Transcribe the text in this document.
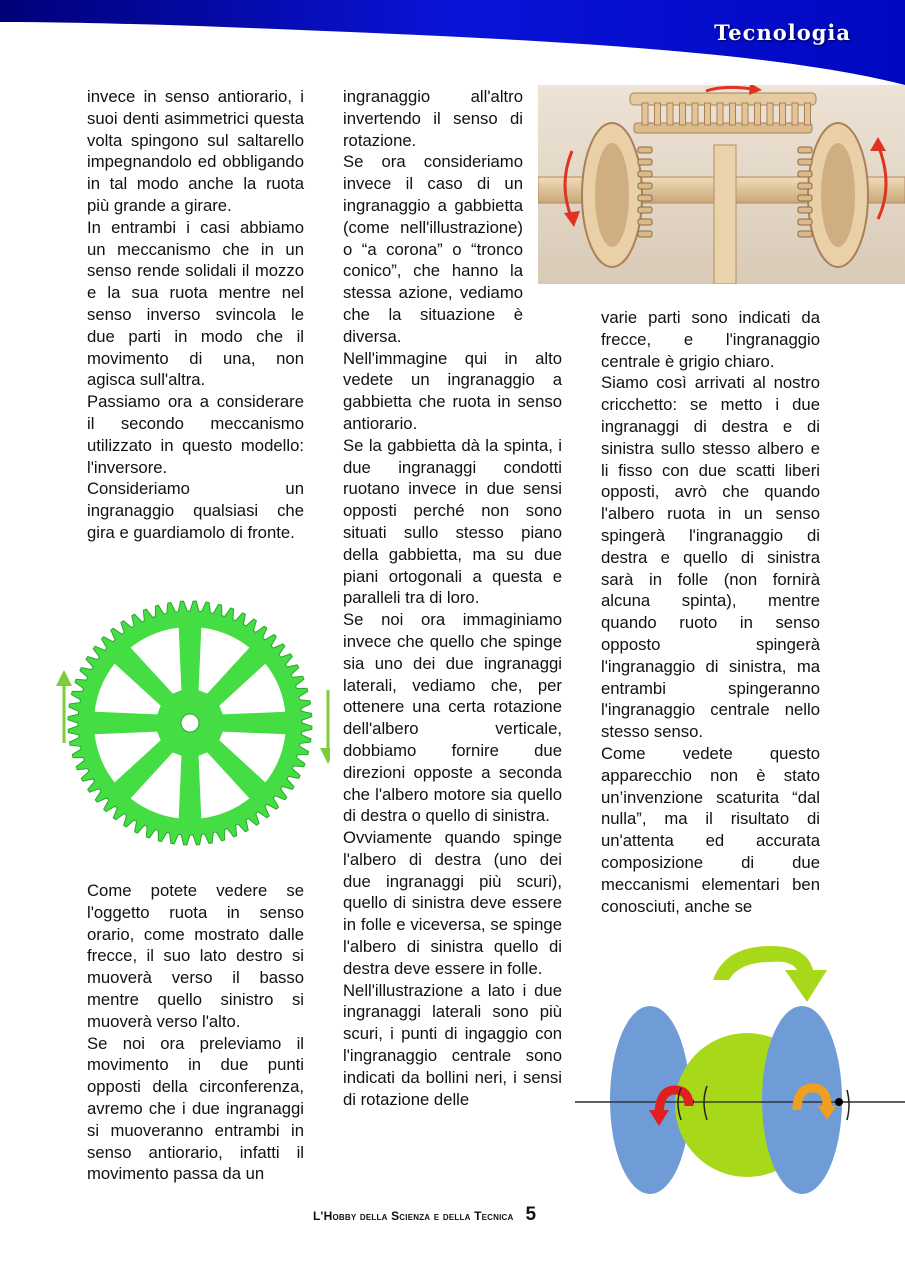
Tecnologia

invece in senso antiorario, i suoi denti asimmetrici questa volta spingono sul saltarello impegnandolo ed obbligando in tal modo anche la ruota più grande a girare.

In entrambi i casi abbiamo un meccanismo che in un senso rende solidali il mozzo e la sua ruota mentre nel senso inverso svincola le due parti in modo che il movimento di una, non agisca sull'altra.

Passiamo ora a considerare il secondo meccanismo utilizzato in questo modello: l'inversore.

Consideriamo un ingranaggio qualsiasi che gira e guardiamolo di fronte.

Come potete vedere se l'oggetto ruota in senso orario, come mostrato dalle frecce, il suo lato destro si muoverà verso il basso mentre quello sinistro si muoverà verso l'alto.

Se noi ora preleviamo il movimento in due punti opposti della circonferenza, avremo che i due ingranaggi si muoveranno entrambi in senso antiorario, infatti il movimento passa da un

ingranaggio all'altro invertendo il senso di rotazione.

Se ora consideriamo invece il caso di un ingranaggio a gabbietta (come nell'illustrazione) o “a corona” o “tronco conico”, che hanno la stessa azione, vediamo che la situazione è diversa.

Nell'immagine qui in alto vedete un ingranaggio a gabbietta che ruota in senso antiorario.

Se la gabbietta dà la spinta, i due ingranaggi condotti ruotano invece in due sensi opposti perché non sono situati sullo stesso piano della gabbietta, ma su due piani ortogonali a questa e paralleli tra di loro.

Se noi ora immaginiamo invece che quello che spinge sia uno dei due ingranaggi laterali, vediamo che, per ottenere una certa rotazione dell'albero verticale, dobbiamo fornire due direzioni opposte a seconda che l'albero motore sia quello di destra o quello di sinistra.

Ovviamente quando spinge l'albero di destra (uno dei due ingranaggi più scuri), quello di sinistra deve essere in folle e viceversa, se spinge l'albero di sinistra quello di destra deve essere in folle.

Nell'illustrazione a lato i due ingranaggi laterali sono più scuri, i punti di ingaggio con l'ingranaggio centrale sono indicati da bollini neri, i sensi di rotazione delle

varie parti sono indicati da frecce, e l'ingranaggio centrale è grigio chiaro.

Siamo così arrivati al nostro cricchetto: se metto i due ingranaggi di destra e di sinistra sullo stesso albero e li fisso con due scatti liberi opposti, avrò che quando l'albero ruota in un senso spingerà l'ingranaggio di destra e quello di sinistra sarà in folle (non fornirà alcuna spinta), mentre quando ruoto in senso opposto spingerà l'ingranaggio di sinistra, ma entrambi spingeranno l'ingranaggio centrale nello stesso senso.

Come vedete questo apparecchio non è stato un’invenzione scaturita “dal nulla”, ma il risultato di un'attenta ed accurata composizione di due meccanismi elementari ben conosciuti, anche se

L'Hobby della Scienza e della Tecnica 5
